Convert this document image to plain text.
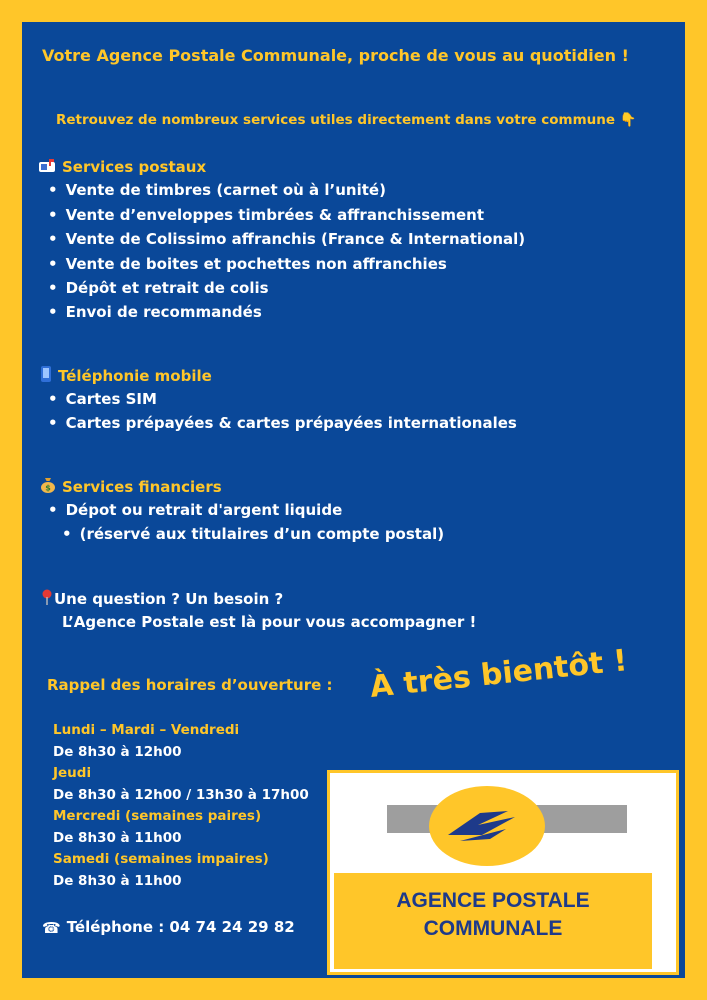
Votre Agence Postale Communale, proche de vous au quotidien !
Retrouvez de nombreux services utiles directement dans votre commune 👇
Services postaux
• Vente de timbres (carnet où à l’unité)
• Vente d’enveloppes timbrées & affranchissement
• Vente de Colissimo affranchis (France & International)
• Vente de boites et pochettes non affranchies
• Dépôt et retrait de colis
• Envoi de recommandés
Téléphonie mobile
• Cartes SIM
• Cartes prépayées & cartes prépayées internationales
$ Services financiers
• Dépot ou retrait d'argent liquide
• (réservé aux titulaires d’un compte postal)
Une question ? Un besoin ?
L’Agence Postale est là pour vous accompagner !
Rappel des horaires d’ouverture :
Lundi – Mardi – Vendredi
De 8h30 à 12h00
Jeudi
De 8h30 à 12h00 / 13h30 à 17h00
Mercredi (semaines paires)
De 8h30 à 11h00
Samedi (semaines impaires)
De 8h30 à 11h00
☎ Téléphone : 04 74 24 29 82
À très bientôt !
AGENCE POSTALE
COMMUNALE
